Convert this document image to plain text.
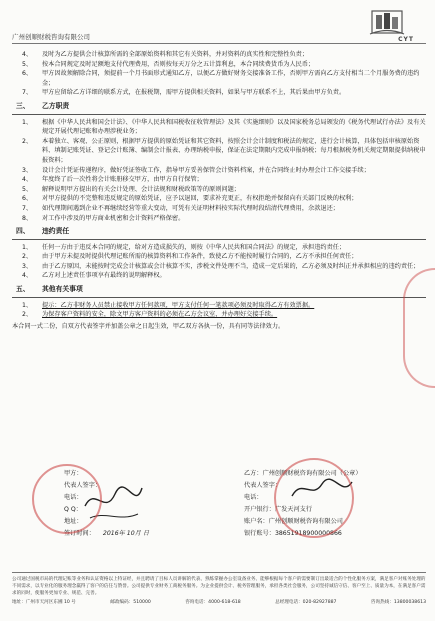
广州创顺财税咨询有限公司	CYT
4、	及时为乙方提供会计核算所需的全部原始资料和其它有关资料，并对资料的真实性和完整性负责；
5、	按本合同规定及时足额地支付代理费用，否则按每天万分之五计算利息，本合同续费货币为人民币；
6、	甲方因故须解除合同，须提前一个月书面形式通知乙方，以便乙方做好财务交接准备工作，否则甲方需向乙方支付相当二个月服务费的违约金；
7、	甲方应留给乙方详细的联系方式，在报税期，需甲方提供相关资料，如果与甲方联系不上，其后果由甲方负责。
三、	乙方职责
1、	根据《中华人民共和国会计法》、《中华人民共和国税收征收管理法》及其《实施细则》以及国家税务总局颁发的《税务代理试行办法》及有关规定开展代理记账和办理涉税业务；
2、	本着独立、客观、公正原则，根据甲方提供的原始凭证和其它资料，按照会计会计制度和税法的规定，进行会计核算，具体包括审核原始资料、填制记账凭证、登记会计账簿、编制会计报表、办理纳税申报，保证在法定期限内完成申报纳税；每月根据税务机关规定期限提供纳税申报资料；
3、	设计会计凭证传递程序，做好凭证签收工作，指导甲方妥善保管会计资料档案，并在合同终止时办理会计工作交接手续；
4、	年度终了后一次性将会计账册移交甲方，由甲方自行保管；
5、	解释说明甲方提出的有关会计处理、会计法规和财税政策等的原则问题；
6、	对甲方提供的不完整和违反规定的原始凭证，应予以退回，要求补充更正，有权拒绝并保留向有关部门反映的权利；
7、	如代理期间遇到企业不再继续经营等重大变动，可凭有关证明材料按实际代理时段结清代理费用，余款退还；
8、	对工作中涉及的甲方商业机密和会计资料严格保密。
四、	违约责任
1、	任何一方由于违反本合同的规定，给对方造成损失的，则按《中华人民共和国合同法》的规定，承担违约责任；
2、	由于甲方未提及时提供代理记账所需的核算资料和工作条件，致使乙方不能按时履行合同的，乙方不承担任何责任；
3、	由于乙方原因，未能按时完成会计核算或会计核算不实，涉税文件处理不当，造成一定后果的，乙方必须及时纠正并承担相应的违约责任；
4、	乙方对上述责任事项享有最终的说明解释权。
五、	其他有关事项
1、	提示：乙方非财务人员禁止接收甲方任何款项，甲方支付任何一笔款项必须及时取得乙方有效票据。
2、	为保存客户资料的安全，除文甲方客户资料的必须在乙方会议室，并办理好交接手续。
本合同一式二份，自双方代表签字并加盖公章之日起生效，甲乙双方各执一份，具有同等法律效力。
甲方：
代表人签字：
电话：
Q Q：
地址：
签订时间： 2016年 10月 日
乙方：广州创顺财税咨询有限公司（公章）
代表人签字：
电话：
开户银行：广发天河支行
账户名：广州创顺财税咨询有限公司
银行账号：38651918900000866
公司通过国税市局的代理记账等业务和认证资格以上特证经，并且聘请了目标人员讲解的代表、熟练掌握办公室设备业务、能够根据每个客户的需要制订出最适合的个性化服务方案，满足客户对账务处理的不同需求，以专业化的服务理念赢得了客户的信任与赞誉。公司提供专业财务工商税务服务。为企业提供会计、税务管理服务，承担各类社会服务，公司坚持诚信守信、客户至上、质量为本，在满足客户需求的同时，使服务更加专业、规范、完善。
地址：广州市天河区东圃 10 号	邮政编码：510000	咨询电话：4000-618-618	总经理电话：020-82927887	咨询热线：13800038613
